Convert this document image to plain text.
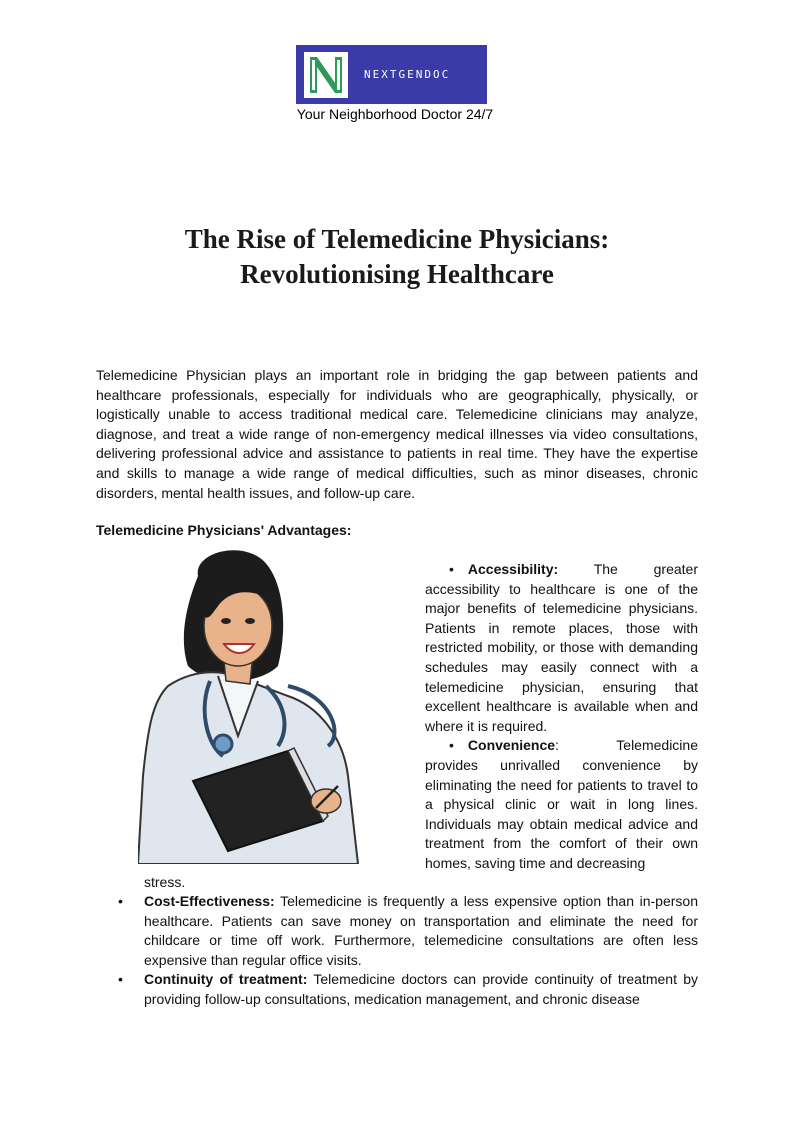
NEXTGENDOC
Your Neighborhood Doctor 24/7
The Rise of Telemedicine Physicians:
Revolutionising Healthcare

Telemedicine Physician plays an important role in bridging the gap between patients and healthcare professionals, especially for individuals who are geographically, physically, or logistically unable to access traditional medical care. Telemedicine clinicians may analyze, diagnose, and treat a wide range of non-emergency medical illnesses via video consultations, delivering professional advice and assistance to patients in real time. They have the expertise and skills to manage a wide range of medical difficulties, such as minor diseases, chronic disorders, mental health issues, and follow-up care.

Telemedicine Physicians' Advantages:

• Accessibility: The greater accessibility to healthcare is one of the major benefits of telemedicine physicians. Patients in remote places, those with restricted mobility, or those with demanding schedules may easily connect with a telemedicine physician, ensuring that excellent healthcare is available when and where it is required.
• Convenience: Telemedicine provides unrivalled convenience by eliminating the need for patients to travel to a physical clinic or wait in long lines. Individuals may obtain medical advice and treatment from the comfort of their own homes, saving time and decreasing

stress.

• Cost-Effectiveness: Telemedicine is frequently a less expensive option than in-person healthcare. Patients can save money on transportation and eliminate the need for childcare or time off work. Furthermore, telemedicine consultations are often less expensive than regular office visits.
• Continuity of treatment: Telemedicine doctors can provide continuity of treatment by providing follow-up consultations, medication management, and chronic disease
